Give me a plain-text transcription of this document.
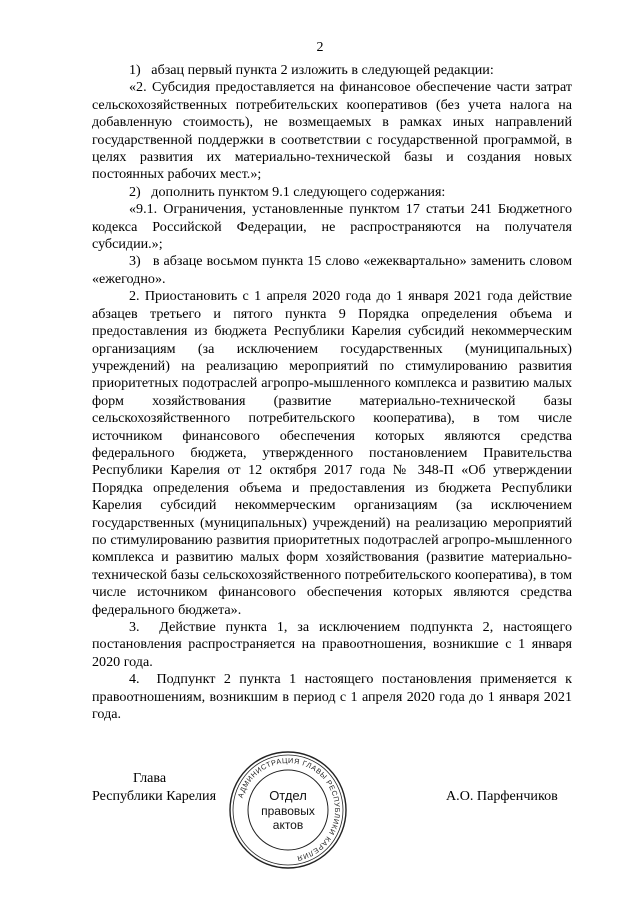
2

1)   абзац первый пункта 2 изложить в следующей редакции:

«2. Субсидия предоставляется на финансовое обеспечение части затрат сельскохозяйственных потребительских кооперативов (без учета налога на добавленную стоимость), не возмещаемых в рамках иных направлений государственной поддержки в соответствии с государственной программой, в целях развития их материально-технической базы и создания новых постоянных рабочих мест.»;

2)   дополнить пунктом 9.1 следующего содержания:

«9.1. Ограничения, установленные пунктом 17 статьи 241 Бюджетного кодекса Российской Федерации, не распространяются на получателя субсидии.»;

3)   в абзаце восьмом пункта 15 слово «ежеквартально» заменить словом «ежегодно».

2. Приостановить с 1 апреля 2020 года до 1 января 2021 года действие абзацев третьего и пятого пункта 9 Порядка определения объема и предоставления из бюджета Республики Карелия субсидий некоммерческим организациям (за исключением государственных (муниципальных) учреждений) на реализацию мероприятий по стимулированию развития приоритетных подотраслей агропро-мышленного комплекса и развитию малых форм хозяйствования (развитие материально-технической базы сельскохозяйственного потребительского кооператива), в том числе источником финансового обеспечения которых являются средства федерального бюджета, утвержденного постановлением Правительства Республики Карелия от 12 октября 2017 года № 348-П «Об утверждении Порядка определения объема и предоставления из бюджета Республики Карелия субсидий некоммерческим организациям (за исключением государственных (муниципальных) учреждений) на реализацию мероприятий по стимулированию развития приоритетных подотраслей агропро-мышленного комплекса и развитию малых форм хозяйствования (развитие материально-технической базы сельскохозяйственного потребительского кооператива), в том числе источником финансового обеспечения которых являются средства федерального бюджета».

3.  Действие пункта 1, за исключением подпункта 2, настоящего постановления распространяется на правоотношения, возникшие с 1 января 2020 года.

4.  Подпункт 2 пункта 1 настоящего постановления применяется к правоотношениям, возникшим в период с 1 апреля 2020 года до 1 января 2021 года.

Глава
Республики Карелия	А.О. Парфенчиков
АДМИНИСТРАЦИЯ ГЛАВЫ РЕСПУБЛИКИ КАРЕЛИЯ
Отдел
правовых
актов
